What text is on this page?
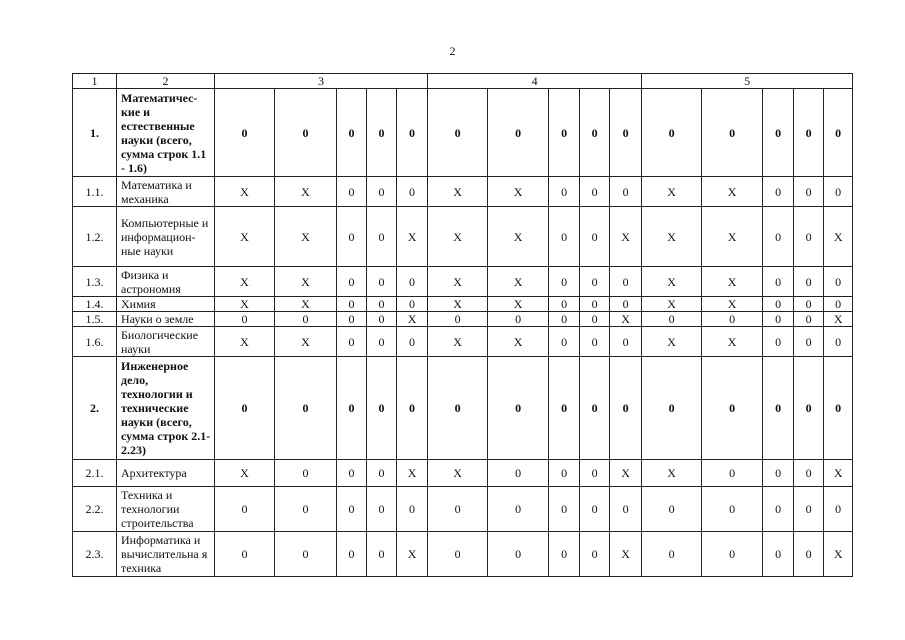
2
1	2	3					4					5				
1.	Математичес- кие и естественные науки (всего, сумма строк 1.1 - 1.6)	0	0	0	0	0	0	0	0	0	0	0	0	0	0	0
1.1.	Математика и механика	X	X	0	0	0	X	X	0	0	0	X	X	0	0	0
1.2.	Компьютерные и информацион- ные науки	X	X	0	0	X	X	X	0	0	X	X	X	0	0	X
1.3.	Физика и астрономия	X	X	0	0	0	X	X	0	0	0	X	X	0	0	0
1.4.	Химия	X	X	0	0	0	X	X	0	0	0	X	X	0	0	0
1.5.	Науки о земле	0	0	0	0	X	0	0	0	0	X	0	0	0	0	X
1.6.	Биологические науки	X	X	0	0	0	X	X	0	0	0	X	X	0	0	0
2.	Инженерное дело, технологии и технические науки (всего, сумма строк 2.1- 2.23)	0	0	0	0	0	0	0	0	0	0	0	0	0	0	0
2.1.	Архитектура	X	0	0	0	X	X	0	0	0	X	X	0	0	0	X
2.2.	Техника и технологии строительства	0	0	0	0	0	0	0	0	0	0	0	0	0	0	0
2.3.	Информатика и вычислительна я техника	0	0	0	0	X	0	0	0	0	X	0	0	0	0	X
